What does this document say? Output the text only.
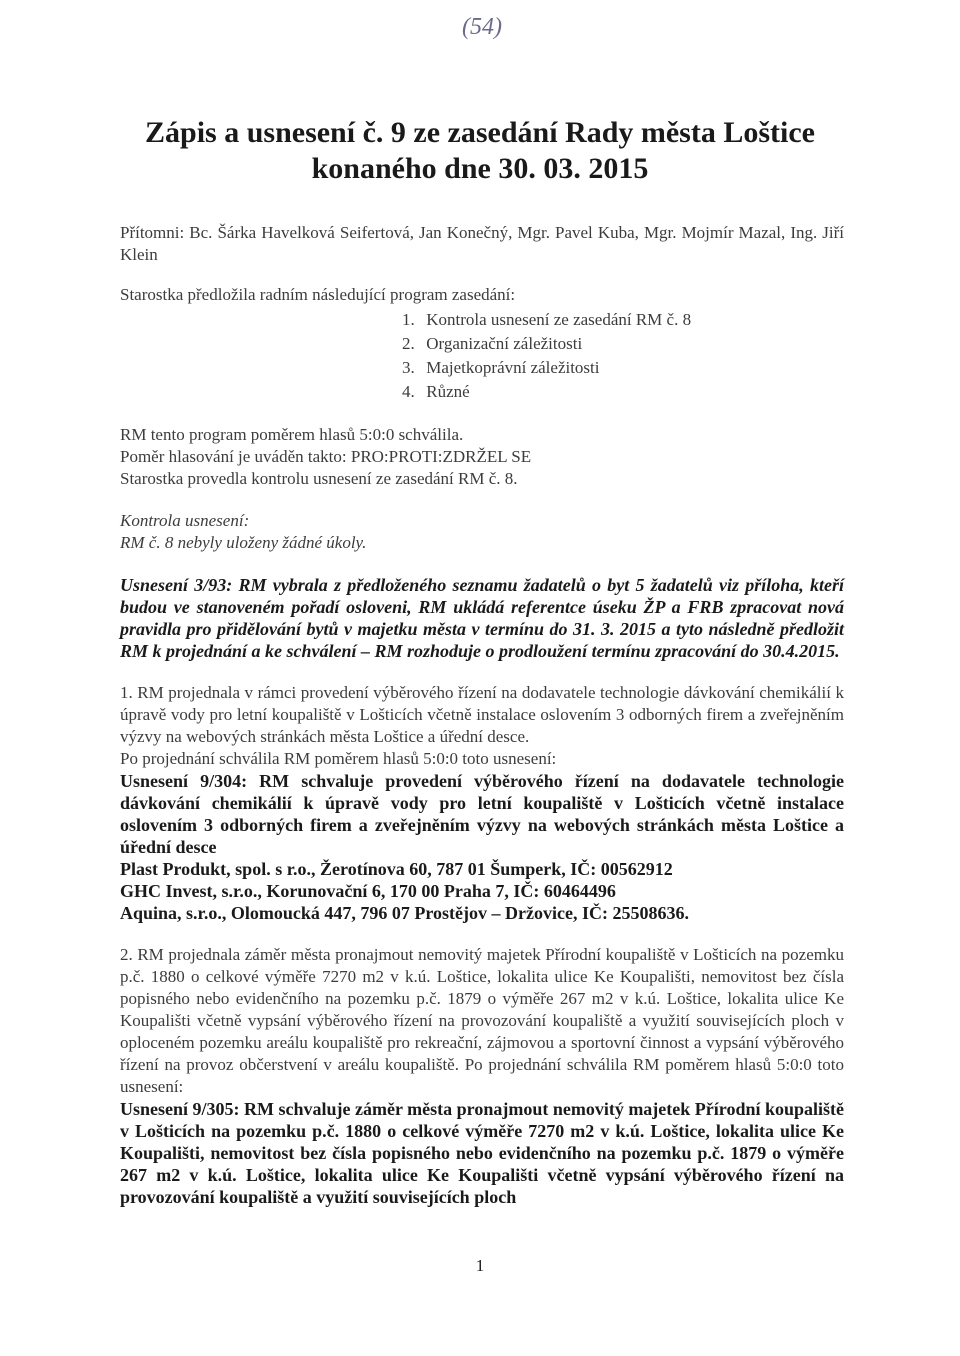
(54)
Zápis a usnesení č. 9 ze zasedání Rady města Loštice
konaného dne 30. 03. 2015

Přítomni: Bc. Šárka Havelková Seifertová, Jan Konečný, Mgr. Pavel Kuba, Mgr. Mojmír Mazal, Ing. Jiří Klein

Starostka předložila radním následující program zasedání:

1. Kontrola usnesení ze zasedání RM č. 8
2. Organizační záležitosti
3. Majetkoprávní záležitosti
4. Různé

RM tento program poměrem hlasů 5:0:0 schválila.

Poměr hlasování je uváděn takto: PRO:PROTI:ZDRŽEL SE

Starostka provedla kontrolu usnesení ze zasedání RM č. 8.

Kontrola usnesení:

RM č. 8 nebyly uloženy žádné úkoly.

Usnesení 3/93: RM vybrala z předloženého seznamu žadatelů o byt 5 žadatelů viz příloha, kteří budou ve stanoveném pořadí osloveni, RM ukládá referentce úseku ŽP a FRB zpracovat nová pravidla pro přidělování bytů v majetku města v termínu do 31. 3. 2015 a tyto následně předložit RM k projednání a ke schválení – RM rozhoduje o prodloužení termínu zpracování do 30.4.2015.

1. RM projednala v rámci provedení výběrového řízení na dodavatele technologie dávkování chemikálií k úpravě vody pro letní koupaliště v Lošticích včetně instalace oslovením 3 odborných firem a zveřejněním výzvy na webových stránkách města Loštice a úřední desce.

Po projednání schválila RM poměrem hlasů 5:0:0 toto usnesení:

Usnesení 9/304: RM schvaluje provedení výběrového řízení na dodavatele technologie dávkování chemikálií k úpravě vody pro letní koupaliště v Lošticích včetně instalace oslovením 3 odborných firem a zveřejněním výzvy na webových stránkách města Loštice a úřední desce

Plast Produkt, spol. s r.o., Žerotínova 60, 787 01 Šumperk, IČ: 00562912

GHC Invest, s.r.o., Korunovační 6, 170 00 Praha 7, IČ: 60464496

Aquina, s.r.o., Olomoucká 447, 796 07 Prostějov – Držovice, IČ: 25508636.

2. RM projednala záměr města pronajmout nemovitý majetek Přírodní koupaliště v Lošticích na pozemku p.č. 1880 o celkové výměře 7270 m2 v k.ú. Loštice, lokalita ulice Ke Koupališti, nemovitost bez čísla popisného nebo evidenčního na pozemku p.č. 1879 o výměře 267 m2 v k.ú. Loštice, lokalita ulice Ke Koupališti včetně vypsání výběrového řízení na provozování koupaliště a využití souvisejících ploch v oploceném pozemku areálu koupaliště pro rekreační, zájmovou a sportovní činnost a vypsání výběrového řízení na provoz občerstvení v areálu koupaliště. Po projednání schválila RM poměrem hlasů 5:0:0 toto usnesení:

Usnesení 9/305: RM schvaluje záměr města pronajmout nemovitý majetek Přírodní koupaliště v Lošticích na pozemku p.č. 1880 o celkové výměře 7270 m2 v k.ú. Loštice, lokalita ulice Ke Koupališti, nemovitost bez čísla popisného nebo evidenčního na pozemku p.č. 1879 o výměře 267 m2 v k.ú. Loštice, lokalita ulice Ke Koupališti včetně vypsání výběrového řízení na provozování koupaliště a využití souvisejících ploch

1
